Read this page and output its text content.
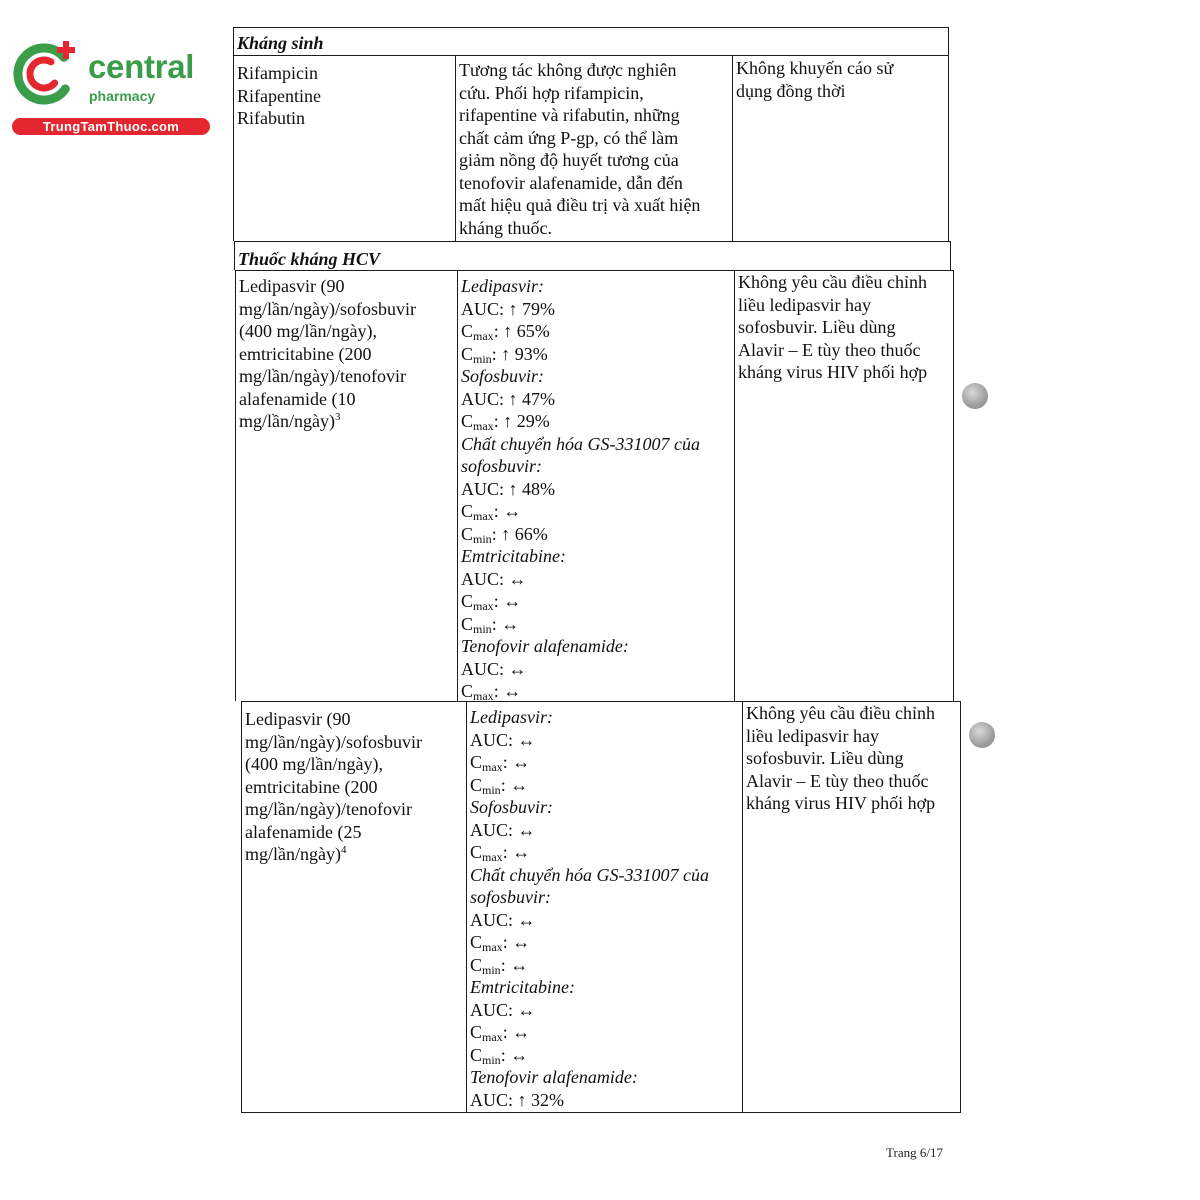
central
pharmacy
TrungTamThuoc.com
Kháng sinh
Rifampicin
Rifapentine
Rifabutin
Tương tác không được nghiên
cứu. Phối hợp rifampicin,
rifapentine và rifabutin, những
chất cảm ứng P-gp, có thể làm
giảm nồng độ huyết tương của
tenofovir alafenamide, dẫn đến
mất hiệu quả điều trị và xuất hiện
kháng thuốc.
Không khuyến cáo sử
dụng đồng thời
Thuốc kháng HCV
Ledipasvir (90
mg/lần/ngày)/sofosbuvir
(400 mg/lần/ngày),
emtricitabine (200
mg/lần/ngày)/tenofovir
alafenamide (10
mg/lần/ngày)$^3$
Ledipasvir:
AUC: ↑ 79%
$C_{max}$: ↑ 65%
$C_{min}$: ↑ 93%
Sofosbuvir:
AUC: ↑ 47%
$C_{max}$: ↑ 29%
Chất chuyển hóa GS-331007 của
sofosbuvir:
AUC: ↑ 48%
$C_{max}$: ↔
$C_{min}$: ↑ 66%
Emtricitabine:
AUC: ↔
$C_{max}$: ↔
$C_{min}$: ↔
Tenofovir alafenamide:
AUC: ↔
$C_{max}$: ↔
Không yêu cầu điều chỉnh
liều ledipasvir hay
sofosbuvir. Liều dùng
Alavir – E tùy theo thuốc
kháng virus HIV phối hợp
Ledipasvir (90
mg/lần/ngày)/sofosbuvir
(400 mg/lần/ngày),
emtricitabine (200
mg/lần/ngày)/tenofovir
alafenamide (25
mg/lần/ngày)$^4$
Ledipasvir:
AUC: ↔
$C_{max}$: ↔
$C_{min}$: ↔
Sofosbuvir:
AUC: ↔
$C_{max}$: ↔
Chất chuyển hóa GS-331007 của
sofosbuvir:
AUC: ↔
$C_{max}$: ↔
$C_{min}$: ↔
Emtricitabine:
AUC: ↔
$C_{max}$: ↔
$C_{min}$: ↔
Tenofovir alafenamide:
AUC: ↑ 32%
Không yêu cầu điều chỉnh
liều ledipasvir hay
sofosbuvir. Liều dùng
Alavir – E tùy theo thuốc
kháng virus HIV phối hợp
Trang 6/17
